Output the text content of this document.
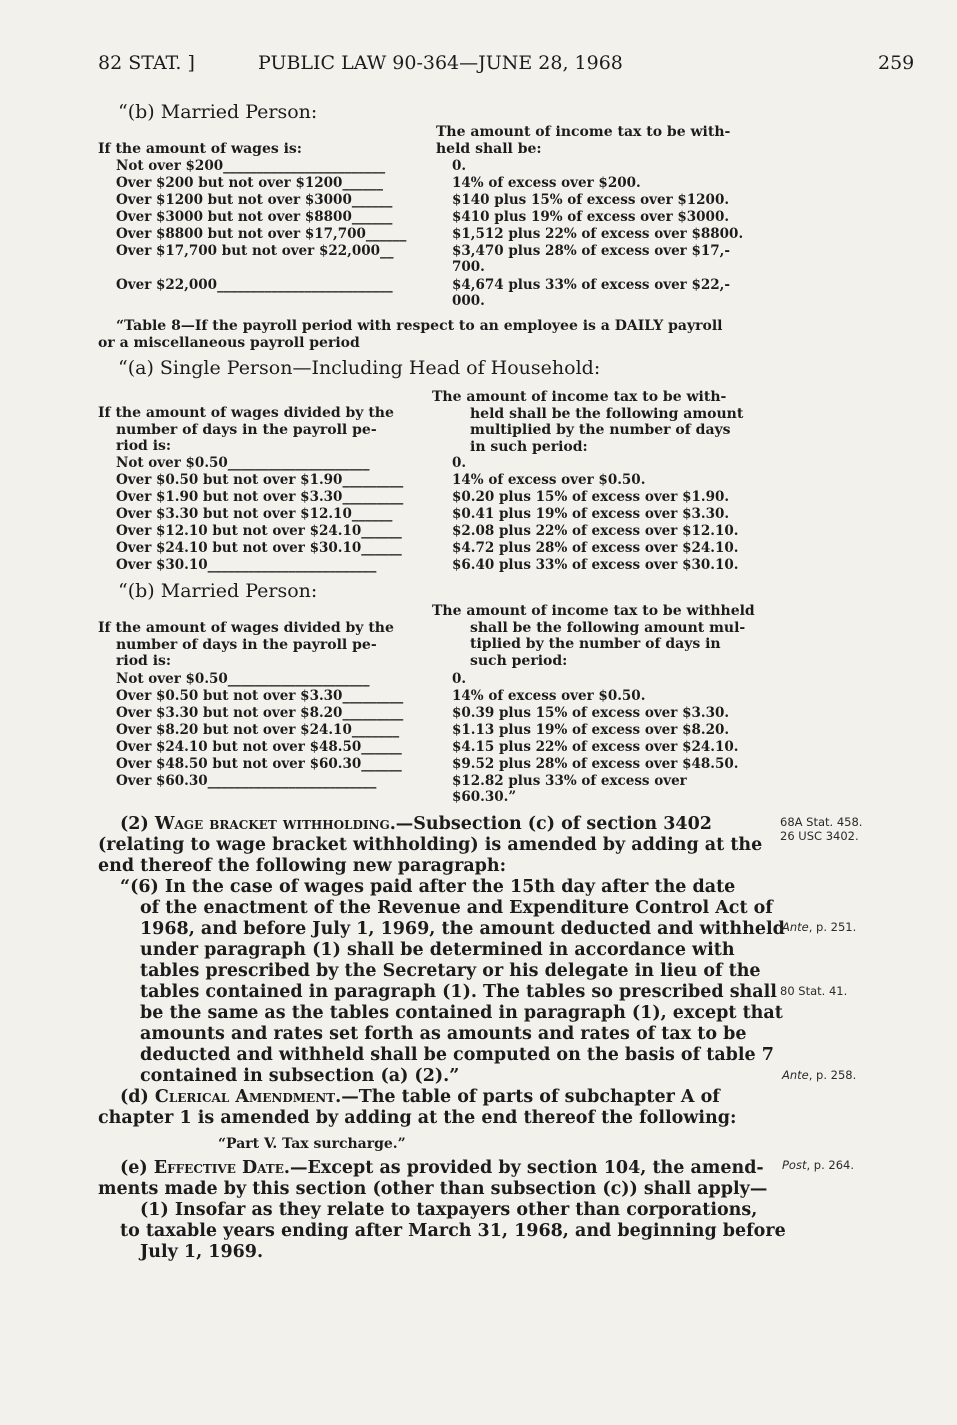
82 STAT. ]	PUBLIC LAW 90-364—JUNE 28, 1968	259
“(b) Married Person:
The amount of income tax to be with-
held shall be:
If the amount of wages is:
Not over $200________________________	0.
Over $200 but not over $1200______	14% of excess over $200.
Over $1200 but not over $3000______	$140 plus 15% of excess over $1200.
Over $3000 but not over $8800______	$410 plus 19% of excess over $3000.
Over $8800 but not over $17,700______	$1,512 plus 22% of excess over $8800.
Over $17,700 but not over $22,000__	$3,470 plus 28% of excess over $17,-
700.
Over $22,000__________________________	$4,674 plus 33% of excess over $22,-
000.
“Table 8—If the payroll period with respect to an employee is a DAILY payroll
or a miscellaneous payroll period
“(a) Single Person—Including Head of Household:
If the amount of wages divided by the
number of days in the payroll pe-
riod is:
The amount of income tax to be with-
held shall be the following amount
multiplied by the number of days
in such period:
Not over $0.50_____________________	0.
Over $0.50 but not over $1.90_________	14% of excess over $0.50.
Over $1.90 but not over $3.30_________	$0.20 plus 15% of excess over $1.90.
Over $3.30 but not over $12.10______	$0.41 plus 19% of excess over $3.30.
Over $12.10 but not over $24.10______	$2.08 plus 22% of excess over $12.10.
Over $24.10 but not over $30.10______	$4.72 plus 28% of excess over $24.10.
Over $30.10_________________________	$6.40 plus 33% of excess over $30.10.
“(b) Married Person:
If the amount of wages divided by the
number of days in the payroll pe-
riod is:
The amount of income tax to be withheld
shall be the following amount mul-
tiplied by the number of days in
such period:
Not over $0.50_____________________	0.
Over $0.50 but not over $3.30_________	14% of excess over $0.50.
Over $3.30 but not over $8.20_________	$0.39 plus 15% of excess over $3.30.
Over $8.20 but not over $24.10_______	$1.13 plus 19% of excess over $8.20.
Over $24.10 but not over $48.50______	$4.15 plus 22% of excess over $24.10.
Over $48.50 but not over $60.30______	$9.52 plus 28% of excess over $48.50.
Over $60.30_________________________	$12.82 plus 33% of excess over
$60.30.”
(2) Wage bracket withholding.—Subsection (c) of section 3402
(relating to wage bracket withholding) is amended by adding at the
end thereof the following new paragraph:
“(6) In the case of wages paid after the 15th day after the date
of the enactment of the Revenue and Expenditure Control Act of
1968, and before July 1, 1969, the amount deducted and withheld
under paragraph (1) shall be determined in accordance with
tables prescribed by the Secretary or his delegate in lieu of the
tables contained in paragraph (1). The tables so prescribed shall
be the same as the tables contained in paragraph (1), except that
amounts and rates set forth as amounts and rates of tax to be
deducted and withheld shall be computed on the basis of table 7
contained in subsection (a) (2).”
(d) Clerical Amendment.—The table of parts of subchapter A of
chapter 1 is amended by adding at the end thereof the following:
“Part V. Tax surcharge.”
(e) Effective Date.—Except as provided by section 104, the amend-
ments made by this section (other than subsection (c)) shall apply—
(1) Insofar as they relate to taxpayers other than corporations,
to taxable years ending after March 31, 1968, and beginning before
July 1, 1969.
68A Stat. 458.
26 USC 3402.
Ante, p. 251.
80 Stat. 41.
Ante, p. 258.
Post, p. 264.
